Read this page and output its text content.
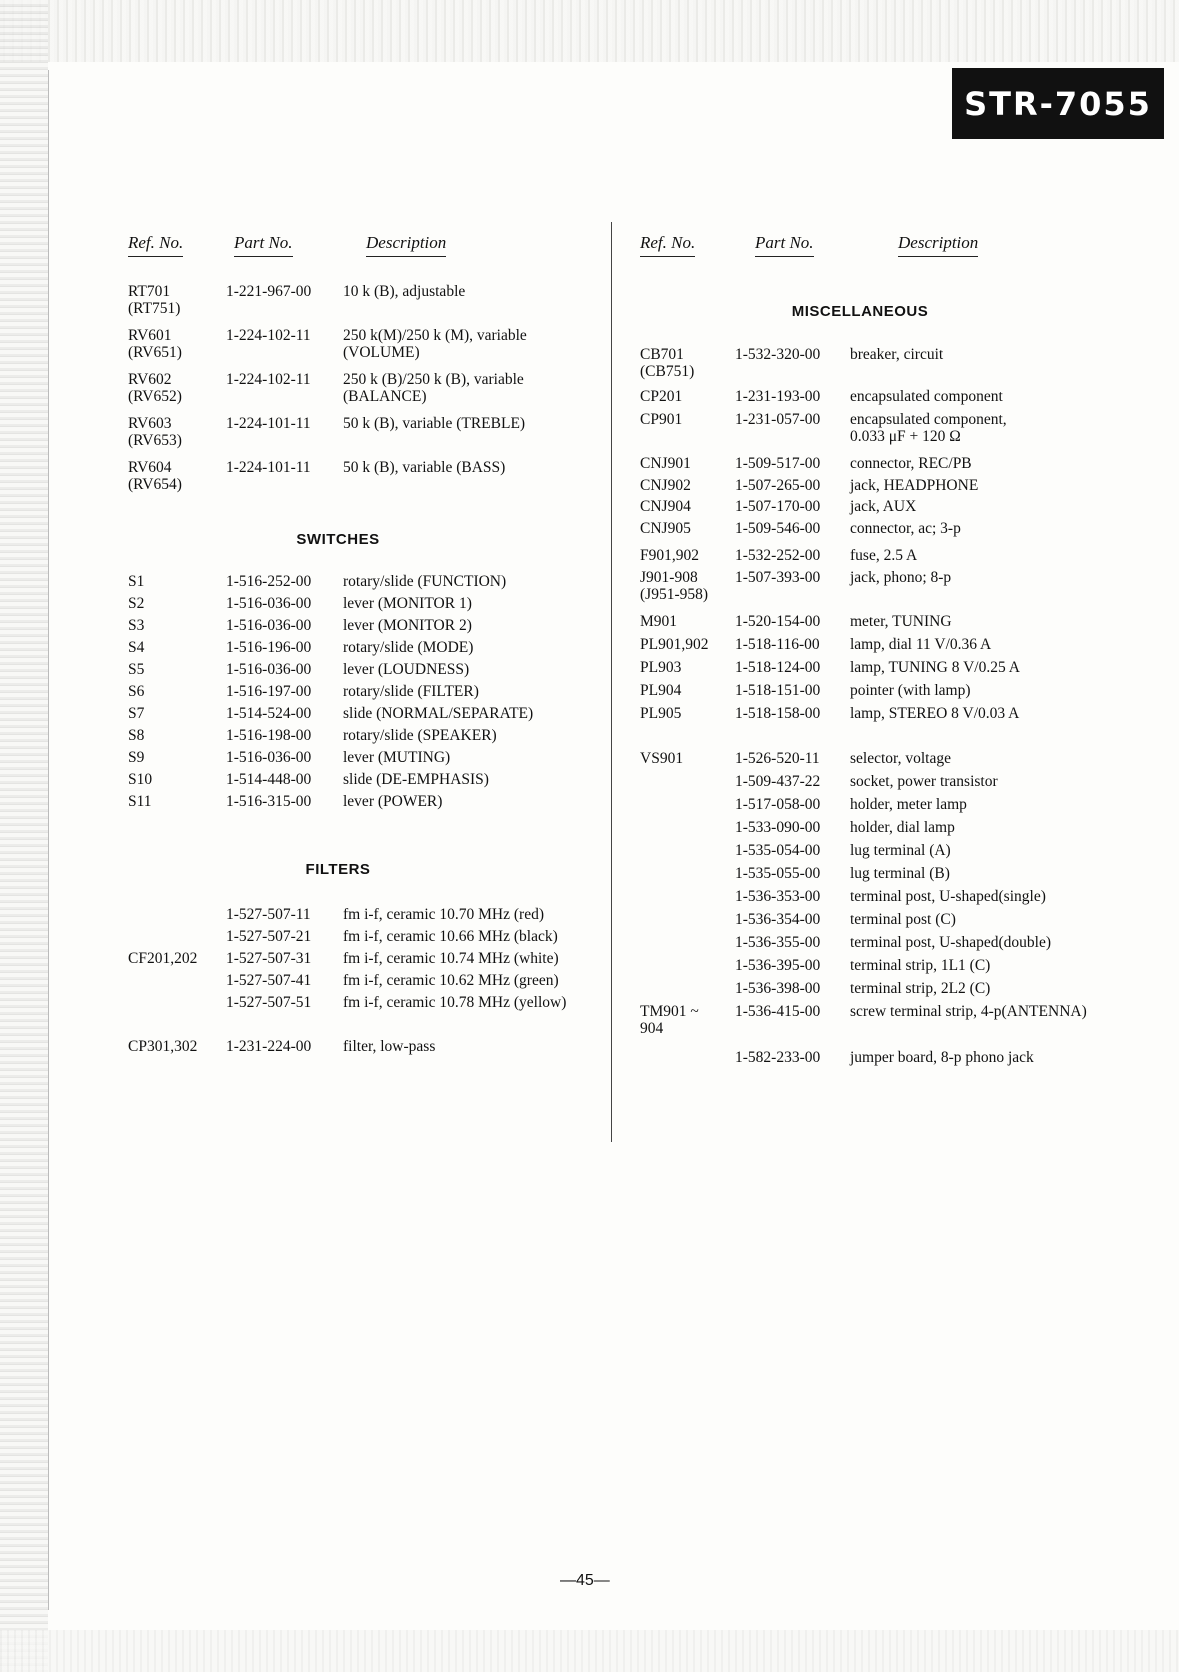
STR-7055
Ref. No.	Part No.	Description
RT701
(RT751)
1-221-967-00	10 k (B), adjustable
RV601
(RV651)
1-224-102-11	250 k(M)/250 k (M), variable
(VOLUME)
RV602
(RV652)
1-224-102-11	250 k (B)/250 k (B), variable
(BALANCE)
RV603
(RV653)
1-224-101-11	50 k (B), variable (TREBLE)
RV604
(RV654)
1-224-101-11	50 k (B), variable (BASS)
SWITCHES
S1	1-516-252-00	rotary/slide (FUNCTION)
S2	1-516-036-00	lever (MONITOR 1)
S3	1-516-036-00	lever (MONITOR 2)
S4	1-516-196-00	rotary/slide (MODE)
S5	1-516-036-00	lever (LOUDNESS)
S6	1-516-197-00	rotary/slide (FILTER)
S7	1-514-524-00	slide (NORMAL/SEPARATE)
S8	1-516-198-00	rotary/slide (SPEAKER)
S9	1-516-036-00	lever (MUTING)
S10	1-514-448-00	slide (DE-EMPHASIS)
S11	1-516-315-00	lever (POWER)
FILTERS
1-527-507-11	fm i-f, ceramic 10.70 MHz (red)
1-527-507-21	fm i-f, ceramic 10.66 MHz (black)
CF201,202	1-527-507-31	fm i-f, ceramic 10.74 MHz (white)
1-527-507-41	fm i-f, ceramic 10.62 MHz (green)
1-527-507-51	fm i-f, ceramic 10.78 MHz (yellow)
CP301,302	1-231-224-00	filter, low-pass
Ref. No.	Part No.	Description
MISCELLANEOUS
CB701
(CB751)
1-532-320-00	breaker, circuit
CP201	1-231-193-00	encapsulated component
CP901	1-231-057-00	encapsulated component,
0.033 μF + 120 Ω
CNJ901	1-509-517-00	connector, REC/PB
CNJ902	1-507-265-00	jack, HEADPHONE
CNJ904	1-507-170-00	jack, AUX
CNJ905	1-509-546-00	connector, ac; 3-p
F901,902	1-532-252-00	fuse, 2.5 A
J901-908
(J951-958)
1-507-393-00	jack, phono; 8-p
M901	1-520-154-00	meter, TUNING
PL901,902	1-518-116-00	lamp, dial 11 V/0.36 A
PL903	1-518-124-00	lamp, TUNING 8 V/0.25 A
PL904	1-518-151-00	pointer (with lamp)
PL905	1-518-158-00	lamp, STEREO 8 V/0.03 A
VS901	1-526-520-11	selector, voltage
1-509-437-22	socket, power transistor
1-517-058-00	holder, meter lamp
1-533-090-00	holder, dial lamp
1-535-054-00	lug terminal (A)
1-535-055-00	lug terminal (B)
1-536-353-00	terminal post, U-shaped(single)
1-536-354-00	terminal post (C)
1-536-355-00	terminal post, U-shaped(double)
1-536-395-00	terminal strip, 1L1 (C)
1-536-398-00	terminal strip, 2L2 (C)
TM901 ~
904
1-536-415-00	screw terminal strip, 4-p(ANTENNA)
1-582-233-00	jumper board, 8-p phono jack
—45—
